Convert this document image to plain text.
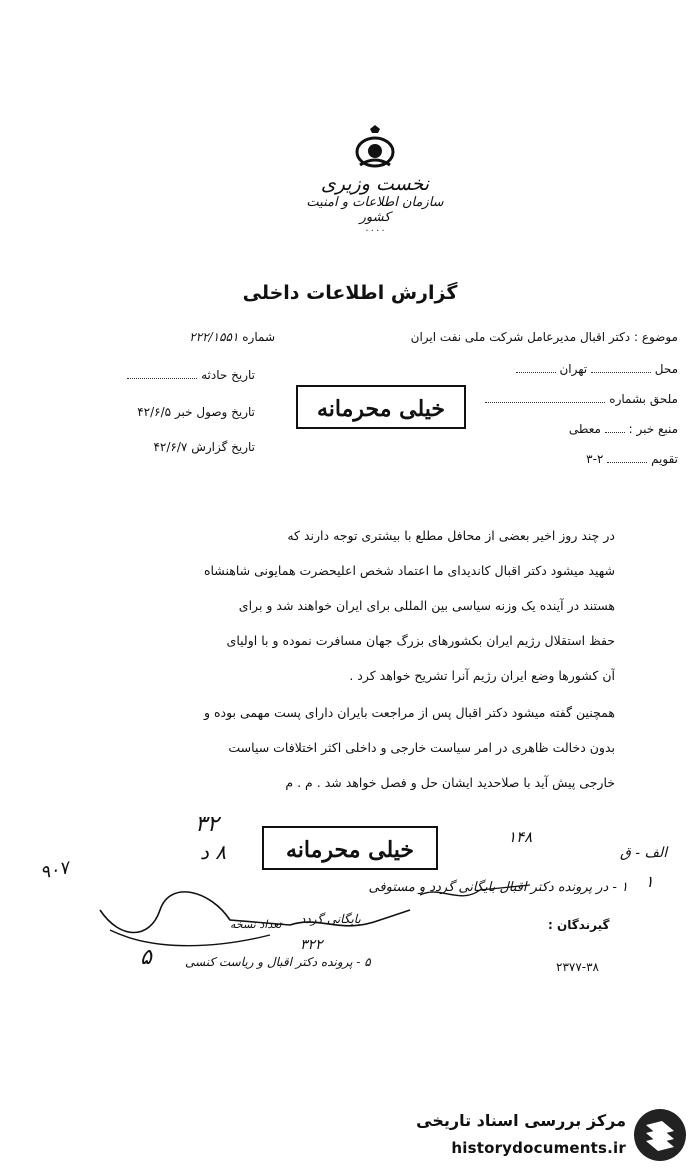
نخست وزیری
سازمان اطلاعات و امنیت کشور
۰۰۰۰
گزارش اطلاعات داخلی
موضوع : دکتر اقبال مدیرعامل شرکت ملی نفت ایران
محل  تهران
ملحق بشماره
منبع خبر :  معطی
تقویم  ۲-۳
شماره ۲۲۲/۱۵۵۱
تاریخ حادثه
تاریخ وصول خبر ۴۲/۶/۵
تاریخ گزارش ۴۲/۶/۷
خیلی محرمانه
در چند روز اخیر بعضی از محافل مطلع با بیشتری توجه دارند که
شهید میشود دکتر اقبال کاندیدای ما اعتماد شخص اعلیحضرت همایونی شاهنشاه
هستند در آینده یک وزنه سیاسی بین المللی برای ایران خواهند شد و برای
حفظ استقلال رژیم ایران بکشورهای بزرگ جهان مسافرت نموده و با اولیای
آن کشورها وضع ایران رژیم آنرا تشریح خواهد کرد .
همچنین گفته میشود دکتر اقبال پس از مراجعت بایران دارای پست مهمی بوده و
بدون دخالت ظاهری در امر سیاست خارجی و داخلی اکثر اختلافات سیاست
خارجی پیش آید با صلاحدید ایشان حل و فصل خواهد شد . م . م
۳۲
۸ د	خیلی محرمانه	۱۴۸
الف - ق
۱
۹۰۷
۱ - در پرونده دکتر اقبال بایگانی گردد و مستوفی
بایگانی گردد	گیرندگان :
تعداد نسخه
۵ - پرونده دکتر اقبال و ریاست کنسی
۳۲۲
۵	۲۳۷۷-۳۸
مرکز بررسی اسناد تاریخی
historydocuments.ir
